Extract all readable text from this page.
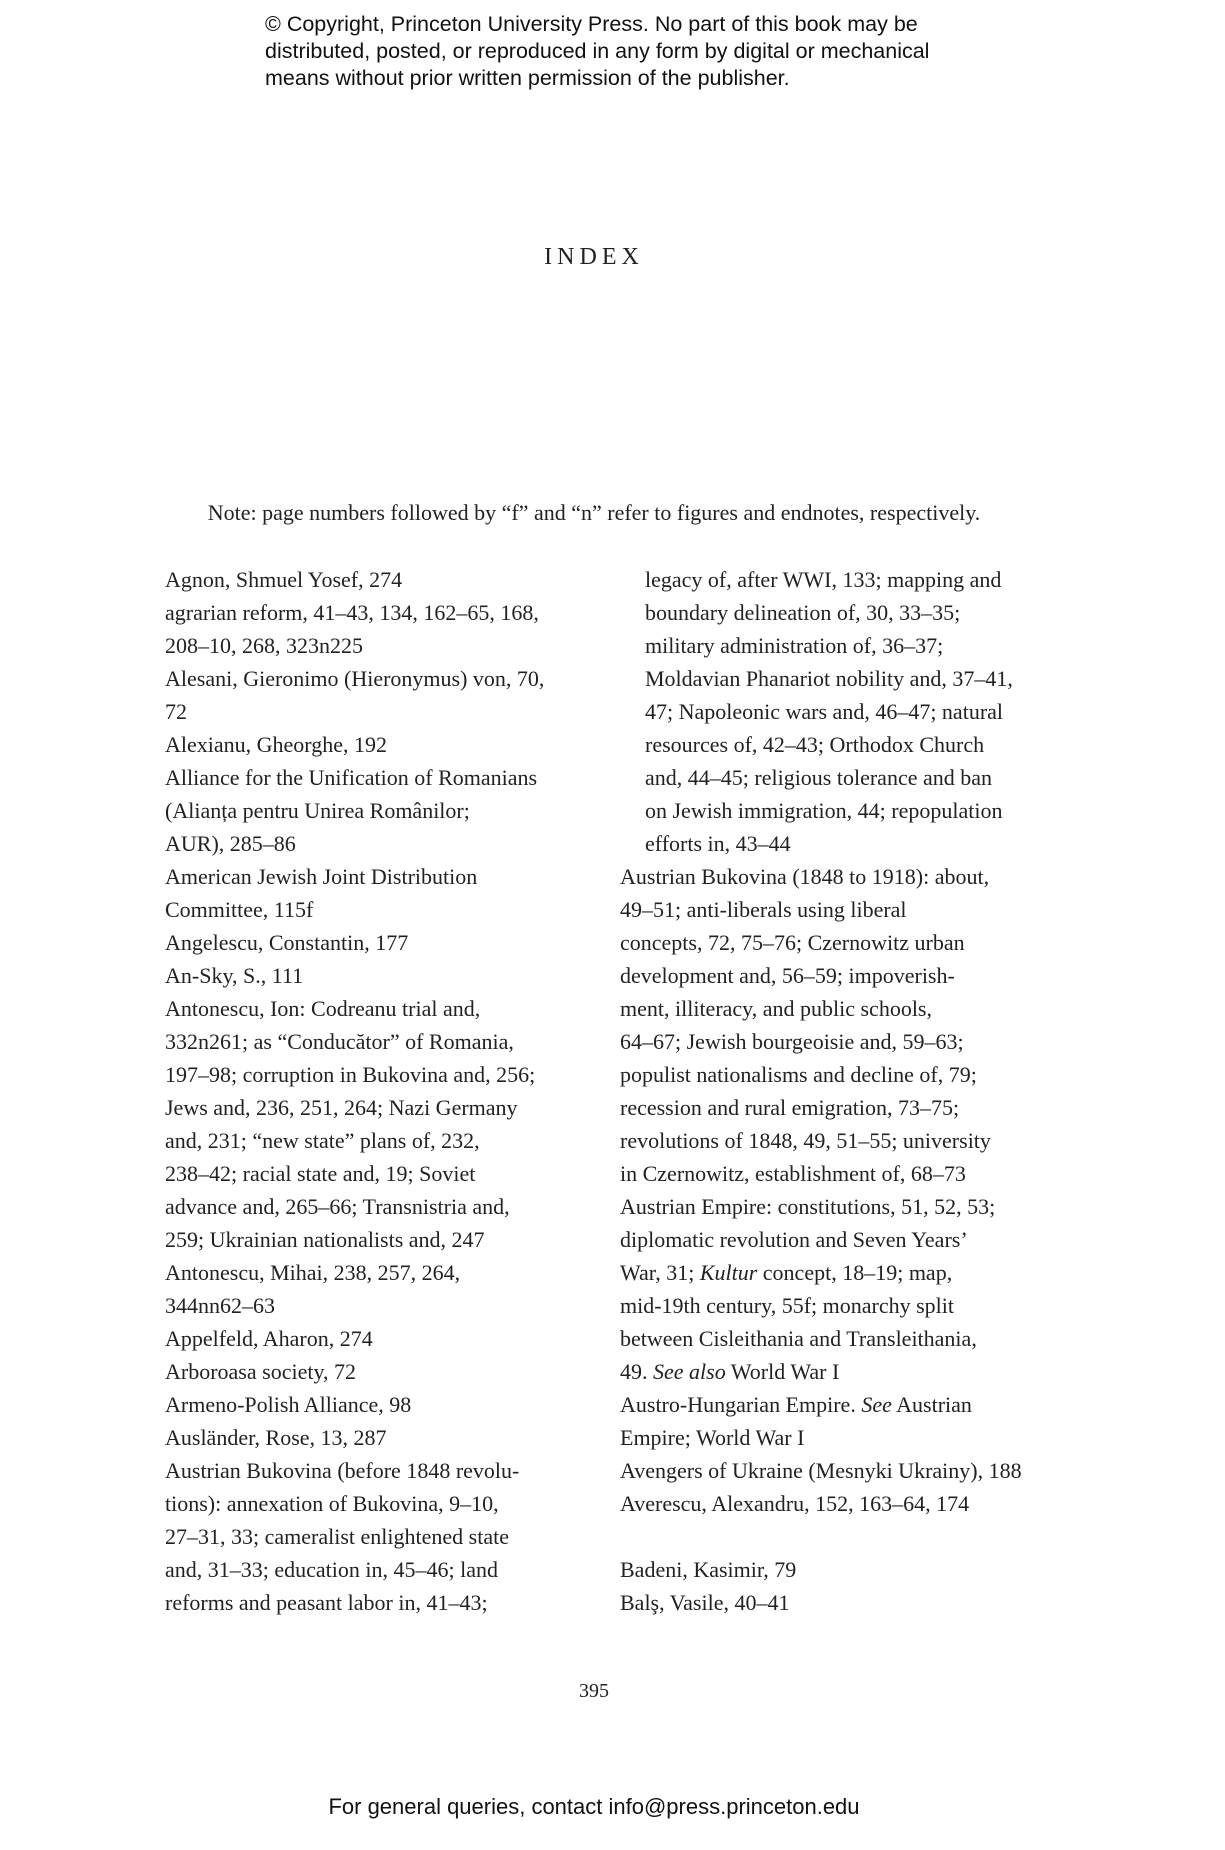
© Copyright, Princeton University Press. No part of this book may be
distributed, posted, or reproduced in any form by digital or mechanical
means without prior written permission of the publisher.
INDEX
Note: page numbers followed by “f” and “n” refer to figures and endnotes, respectively.
Agnon, Shmuel Yosef, 274
agrarian reform, 41–43, 134, 162–65, 168,
208–10, 268, 323n225
Alesani, Gieronimo (Hieronymus) von, 70,
72
Alexianu, Gheorghe, 192
Alliance for the Unification of Romanians
(Alianța pentru Unirea Românilor;
AUR), 285–86
American Jewish Joint Distribution
Committee, 115f
Angelescu, Constantin, 177
An-Sky, S., 111
Antonescu, Ion: Codreanu trial and,
332n261; as “Conducător” of Romania,
197–98; corruption in Bukovina and, 256;
Jews and, 236, 251, 264; Nazi Germany
and, 231; “new state” plans of, 232,
238–42; racial state and, 19; Soviet
advance and, 265–66; Transnistria and,
259; Ukrainian nationalists and, 247
Antonescu, Mihai, 238, 257, 264,
344nn62–63
Appelfeld, Aharon, 274
Arboroasa society, 72
Armeno-Polish Alliance, 98
Ausländer, Rose, 13, 287
Austrian Bukovina (before 1848 revolu-
tions): annexation of Bukovina, 9–10,
27–31, 33; cameralist enlightened state
and, 31–33; education in, 45–46; land
reforms and peasant labor in, 41–43;
legacy of, after WWI, 133; mapping and
boundary delineation of, 30, 33–35;
military administration of, 36–37;
Moldavian Phanariot nobility and, 37–41,
47; Napoleonic wars and, 46–47; natural
resources of, 42–43; Orthodox Church
and, 44–45; religious tolerance and ban
on Jewish immigration, 44; repopulation
efforts in, 43–44
Austrian Bukovina (1848 to 1918): about,
49–51; anti-liberals using liberal
concepts, 72, 75–76; Czernowitz urban
development and, 56–59; impoverish-
ment, illiteracy, and public schools,
64–67; Jewish bourgeoisie and, 59–63;
populist nationalisms and decline of, 79;
recession and rural emigration, 73–75;
revolutions of 1848, 49, 51–55; university
in Czernowitz, establishment of, 68–73
Austrian Empire: constitutions, 51, 52, 53;
diplomatic revolution and Seven Years’
War, 31; Kultur concept, 18–19; map,
mid-19th century, 55f; monarchy split
between Cisleithania and Transleithania,
49. See also World War I
Austro-Hungarian Empire. See Austrian
Empire; World War I
Avengers of Ukraine (Mesnyki Ukrainy), 188
Averescu, Alexandru, 152, 163–64, 174
Badeni, Kasimir, 79
Balş, Vasile, 40–41
395
For general queries, contact info@press.princeton.edu
